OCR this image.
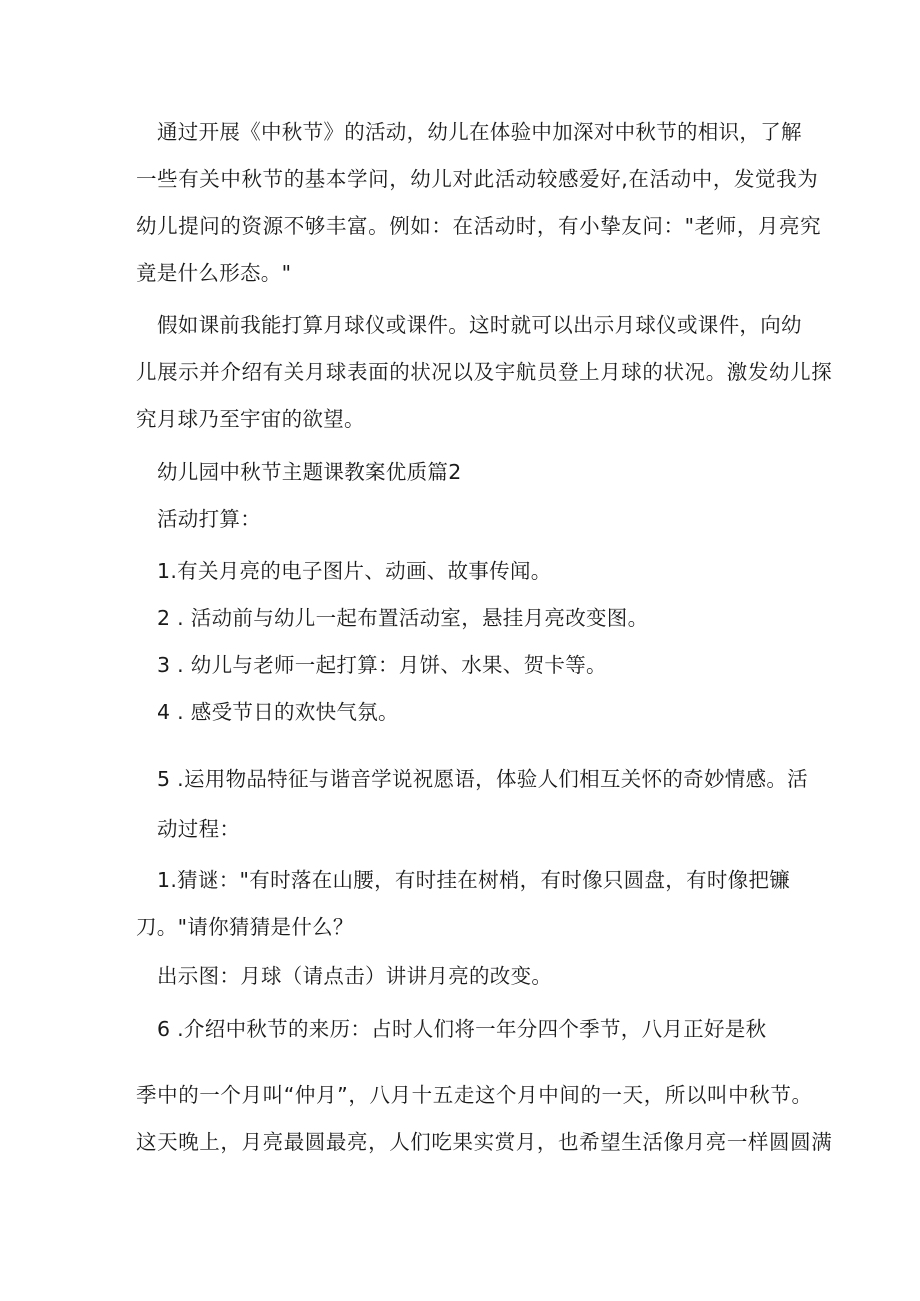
通过开展《中秋节》的活动，幼儿在体验中加深对中秋节的相识，了解

一些有关中秋节的基本学问，幼儿对此活动较感爱好,在活动中，发觉我为

幼儿提问的资源不够丰富。例如：在活动时，有小挚友问："老师，月亮究

竟是什么形态。"

假如课前我能打算月球仪或课件。这时就可以出示月球仪或课件，向幼

儿展示并介绍有关月球表面的状况以及宇航员登上月球的状况。激发幼儿探

究月球乃至宇宙的欲望。

幼儿园中秋节主题课教案优质篇2

活动打算：

1.有关月亮的电子图片、动画、故事传闻。

2 . 活动前与幼儿一起布置活动室，悬挂月亮改变图。

3 . 幼儿与老师一起打算：月饼、水果、贺卡等。

4 . 感受节日的欢快气氛。

5 .运用物品特征与谐音学说祝愿语，体验人们相互关怀的奇妙情感。活

动过程：

1.猜谜："有时落在山腰，有时挂在树梢，有时像只圆盘，有时像把镰

刀。"请你猜猜是什么？

出示图：月球（请点击）讲讲月亮的改变。

6 .介绍中秋节的来历：占时人们将一年分四个季节，八月正好是秋

季中的一个月叫“仲月”，八月十五走这个月中间的一天，所以叫中秋节。

这天晚上，月亮最圆最亮，人们吃果实赏月，也希望生活像月亮一样圆圆满
